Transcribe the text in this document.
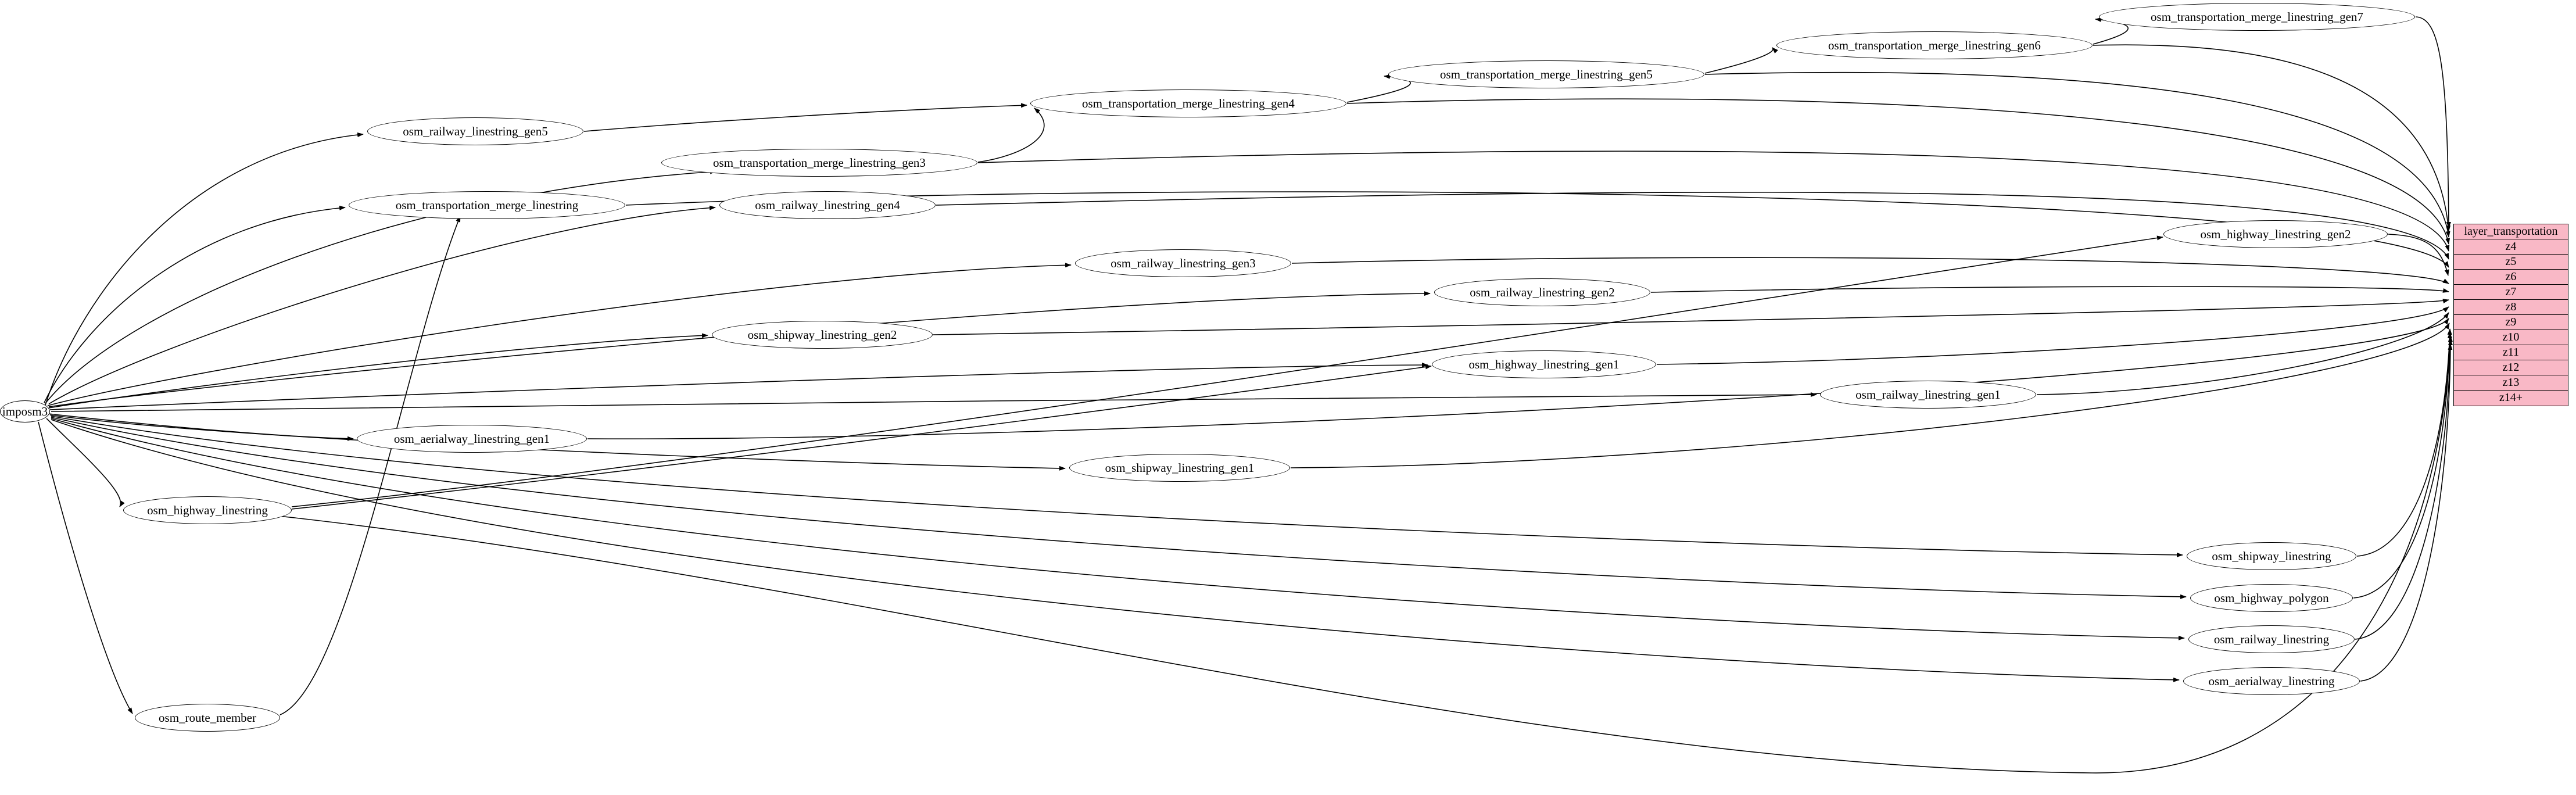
imposm3
osm_railway_linestring_gen5
osm_transportation_merge_linestring_gen7
osm_transportation_merge_linestring_gen6
osm_transportation_merge_linestring_gen5
osm_transportation_merge_linestring_gen4
osm_transportation_merge_linestring_gen3
osm_railway_linestring_gen4
osm_transportation_merge_linestring
osm_highway_linestring_gen2
osm_railway_linestring_gen3
osm_railway_linestring_gen2
osm_shipway_linestring_gen2
osm_highway_linestring_gen1
osm_railway_linestring_gen1
osm_aerialway_linestring_gen1
osm_shipway_linestring_gen1
osm_highway_linestring
osm_shipway_linestring
osm_highway_polygon
osm_railway_linestring
osm_aerialway_linestring
osm_route_member
layer_transportation
z4
z5
z6
z7
z8
z9
z10
z11
z12
z13
z14+
